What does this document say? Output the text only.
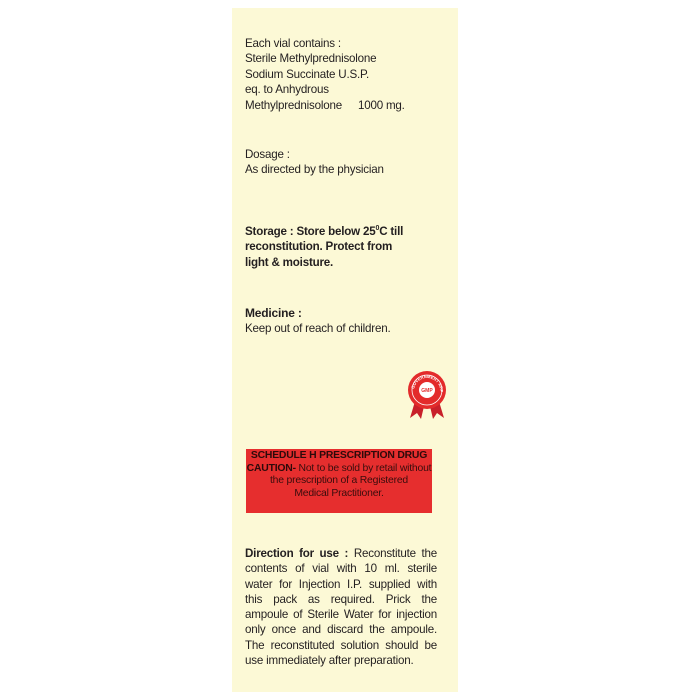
Each vial contains :
Sterile Methylprednisolone
Sodium Succinate U.S.P.
eq. to Anhydrous
Methylprednisolone 1000 mg.
Dosage :
As directed by the physician
Storage : Store below $25^0C$ till
reconstitution. Protect from
light & moisture.
Medicine :
Keep out of reach of children.
GOVERNMENT APP
GMP
SCHEDULE H PRESCRIPTION DRUG
CAUTION- Not to be sold by retail without
the prescription of a Registered
Medical Practitioner.
Direction for use : Reconstitute the contents of vial with 10 ml. sterile water for Injection I.P. supplied with this pack as required. Prick the ampoule of Sterile Water for injection only once and discard the ampoule. The reconstituted solution should be use immediately after preparation.
